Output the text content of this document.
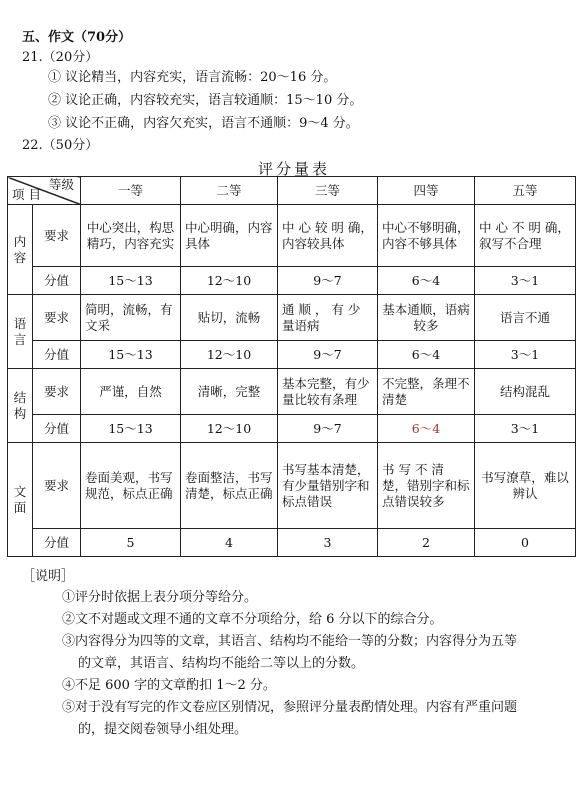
五、作文（70分）
21.（20分）
① 议论精当，内容充实，语言流畅：20～16 分。
② 议论正确，内容较充实，语言较通顺：15～10 分。
③ 议论不正确，内容欠充实，语言不通顺：9～4 分。
22.（50分）
评分量表
等级
项 目		一等	二等	三等	四等	五等
内容	要求	中心突出，构思精巧，内容充实	中心明确，内容具体	中 心 较 明 确，内容较具体	中心不够明确，内容不够具体	中 心 不 明 确，叙写不合理
	分值	15～13	12～10	9～7	6～4	3～1
语言	要求	简明，流畅，有文采	贴切，流畅	通 顺 ， 有 少 量语病	基本通顺，语病较多	语言不通
	分值	15～13	12～10	9～7	6～4	3～1
结构	要求	严谨，自然	清晰，完整	基本完整，有少量比较有条理	不完整，条理不清楚	结构混乱
	分值	15～13	12～10	9～7	6～4	3～1
文面	要求	卷面美观，书写规范，标点正确	卷面整洁，书写清楚，标点正确	书写基本清楚，有少量错别字和标点错误	书 写 不 清 楚，错别字和标点错误较多	书写潦草，难以辨认
	分值	5	4	3	2	0
［说明］
①评分时依据上表分项分等给分。
②文不对题或文理不通的文章不分项给分，给 6 分以下的综合分。
③内容得分为四等的文章，其语言、结构均不能给一等的分数；内容得分为五等
的文章，其语言、结构均不能给二等以上的分数。
④不足 600 字的文章酌扣 1～2 分。
⑤对于没有写完的作文卷应区别情况，参照评分量表酌情处理。内容有严重问题
的，提交阅卷领导小组处理。
